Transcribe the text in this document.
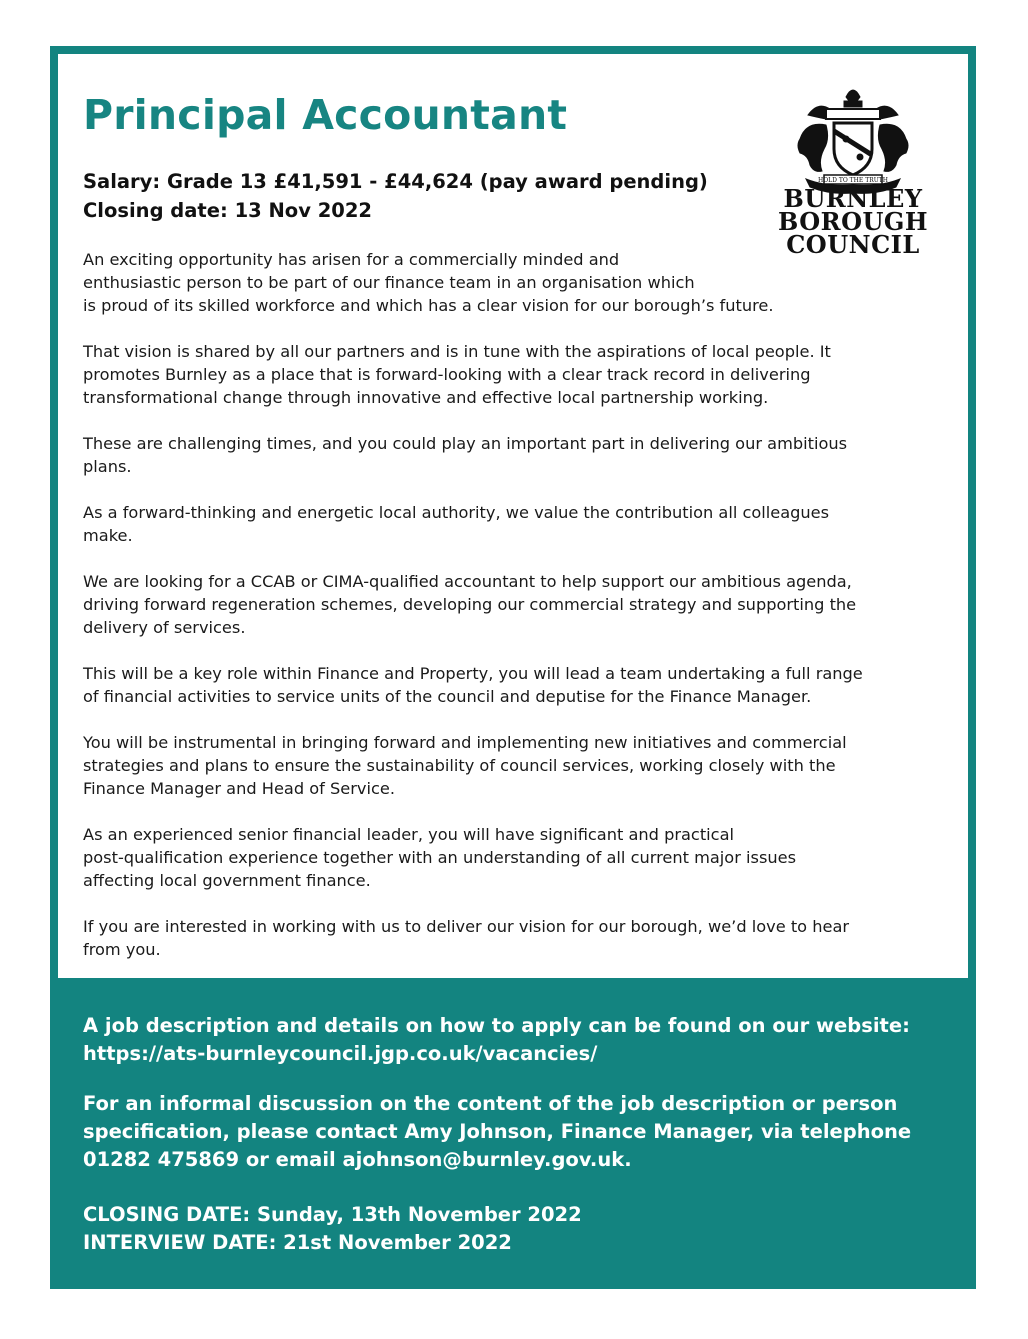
Principal Accountant

Salary: Grade 13 £41,591 - £44,624 (pay award pending)

Closing date: 13 Nov 2022

HOLD TO THE TRUTH
BURNLEY
BOROUGH
COUNCIL

An exciting opportunity has arisen for a commercially minded and
enthusiastic person to be part of our finance team in an organisation which
is proud of its skilled workforce and which has a clear vision for our borough’s future.

That vision is shared by all our partners and is in tune with the aspirations of local people. It
promotes Burnley as a place that is forward-looking with a clear track record in delivering
transformational change through innovative and effective local partnership working.

These are challenging times, and you could play an important part in delivering our ambitious
plans.

As a forward-thinking and energetic local authority, we value the contribution all colleagues
make.

We are looking for a CCAB or CIMA-qualified accountant to help support our ambitious agenda,
driving forward regeneration schemes, developing our commercial strategy and supporting the
delivery of services.

This will be a key role within Finance and Property, you will lead a team undertaking a full range
of financial activities to service units of the council and deputise for the Finance Manager.

You will be instrumental in bringing forward and implementing new initiatives and commercial
strategies and plans to ensure the sustainability of council services, working closely with the
Finance Manager and Head of Service.

As an experienced senior financial leader, you will have significant and practical
post-qualification experience together with an understanding of all current major issues
affecting local government finance.

If you are interested in working with us to deliver our vision for our borough, we’d love to hear
from you.

A job description and details on how to apply can be found on our website:

https://ats-burnleycouncil.jgp.co.uk/vacancies/

For an informal discussion on the content of the job description or person

specification, please contact Amy Johnson, Finance Manager, via telephone

01282 475869 or email ajohnson@burnley.gov.uk.

CLOSING DATE: Sunday, 13th November 2022

INTERVIEW DATE: 21st November 2022
